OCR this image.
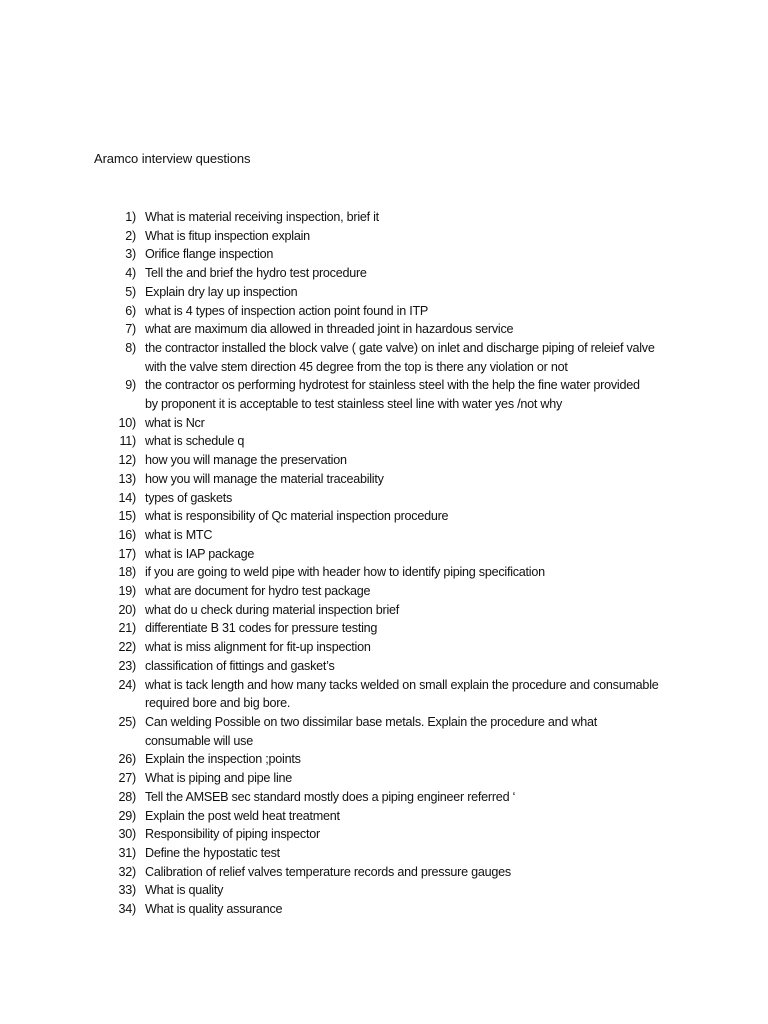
Aramco interview questions
1) What is material receiving inspection, brief it
2) What is fitup inspection explain
3) Orifice flange inspection
4) Tell the and brief the hydro test procedure
5) Explain dry lay up inspection
6) what is 4 types of inspection action point found in ITP
7) what are maximum dia allowed in threaded joint in hazardous service
8) the contractor installed the block valve ( gate valve) on inlet and discharge piping of releief valve
with the valve stem direction 45 degree from the top is there any violation or not
9) the contractor os performing hydrotest for stainless steel with the help the fine water provided
by proponent it is acceptable to test stainless steel line with water yes /not why
10) what is Ncr
11) what is schedule q
12) how you will manage the preservation
13) how you will manage the material traceability
14) types of gaskets
15) what is responsibility of Qc material inspection procedure
16) what is MTC
17) what is IAP package
18) if you are going to weld pipe with header how to identify piping specification
19) what are document for hydro test package
20) what do u check during material inspection brief
21) differentiate B 31 codes for pressure testing
22) what is miss alignment for fit-up inspection
23) classification of fittings and gasket’s
24) what is tack length and how many tacks welded on small explain the procedure and consumable
required bore and big bore.
25) Can welding Possible on two dissimilar base metals. Explain the procedure and what
consumable will use
26) Explain the inspection ;points
27) What is piping and pipe line
28) Tell the AMSEB sec standard mostly does a piping engineer referred ‘
29) Explain the post weld heat treatment
30) Responsibility of piping inspector
31) Define the hypostatic test
32) Calibration of relief valves temperature records and pressure gauges
33) What is quality
34) What is quality assurance
